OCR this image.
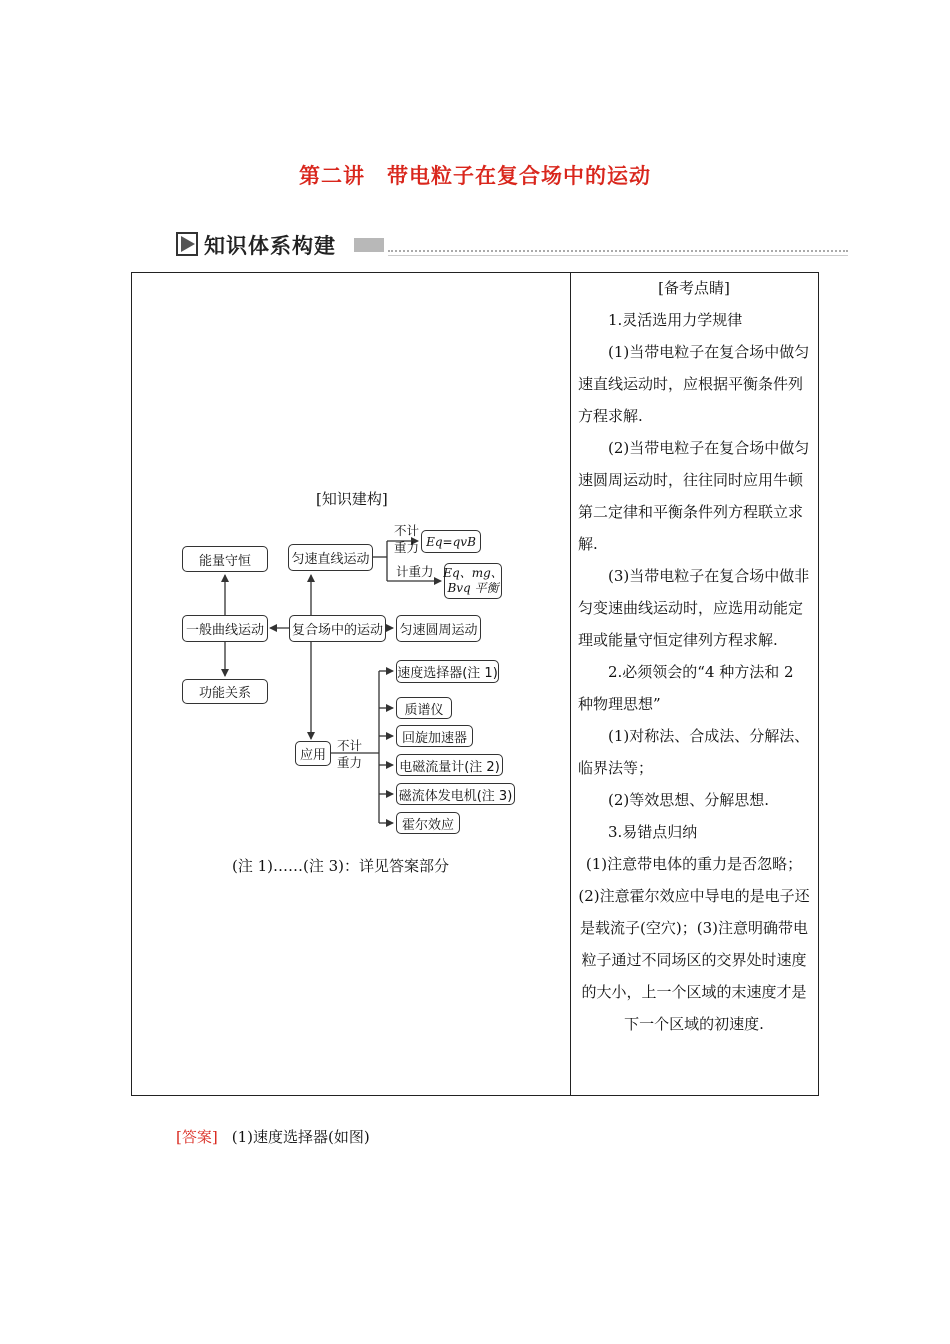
第二讲　带电粒子在复合场中的运动
知识体系构建
[知识建构]
能量守恒	匀速直线运动
Eq=qvB
Eq、mg、
Bvq 平衡
一般曲线运动	复合场中的运动 匀速圆周运动
功能关系
应用
速度选择器(注 1)
质谱仪
回旋加速器
电磁流量计(注 2)
磁流体发电机(注 3)
霍尔效应
不计
重力
计重力
不计
重力
(注 1)……(注 3)：详见答案部分

[备考点睛]

1.灵活选用力学规律

(1)当带电粒子在复合场中做匀速直线运动时，应根据平衡条件列方程求解.

(2)当带电粒子在复合场中做匀速圆周运动时，往往同时应用牛顿第二定律和平衡条件列方程联立求解.

(3)当带电粒子在复合场中做非匀变速曲线运动时，应选用动能定理或能量守恒定律列方程求解.

2.必须领会的“4 种方法和 2 种物理思想”

(1)对称法、合成法、分解法、临界法等；

(2)等效思想、分解思想.

3.易错点归纳

(1)注意带电体的重力是否忽略；(2)注意霍尔效应中导电的是电子还是载流子(空穴)；(3)注意明确带电粒子通过不同场区的交界处时速度的大小，上一个区域的末速度才是下一个区域的初速度.

[答案] (1)速度选择器(如图)
